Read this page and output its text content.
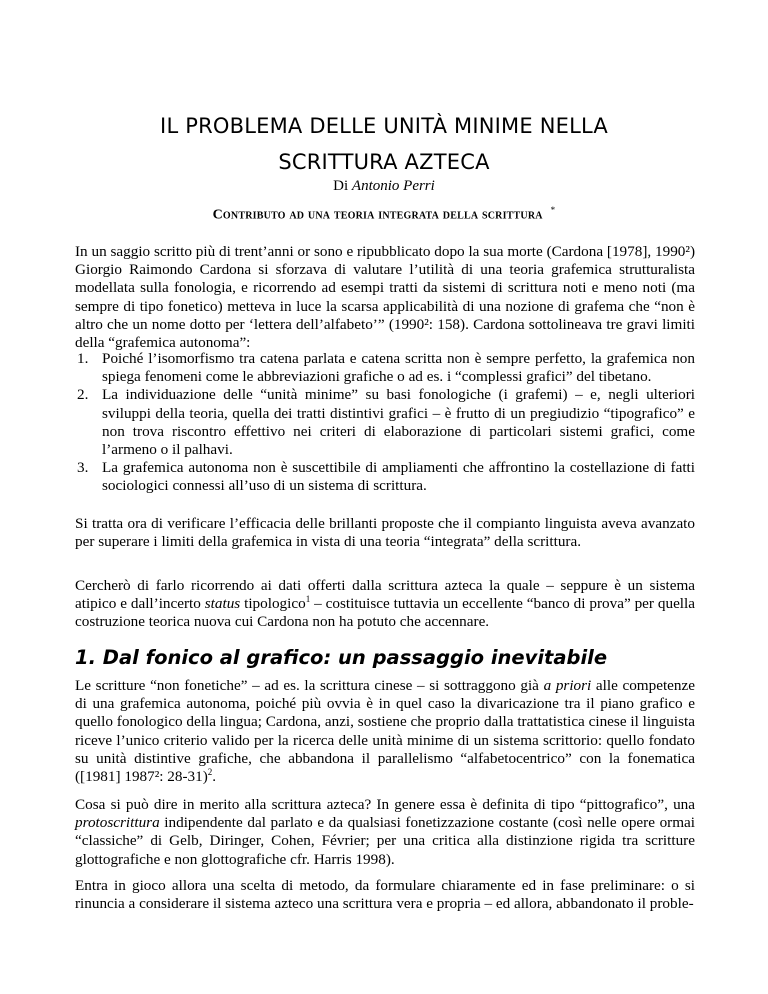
IL PROBLEMA DELLE UNITÀ MINIME NELLA
SCRITTURA AZTECA
Di Antonio Perri
Contributo ad una teoria integrata della scrittura *

In un saggio scritto più di trent’anni or sono e ripubblicato dopo la sua morte (Cardona [1978], 1990²) Giorgio Raimondo Cardona si sforzava di valutare l’utilità di una teoria grafemica strutturalista modellata sulla fonologia, e ricorrendo ad esempi tratti da sistemi di scrittura noti e meno noti (ma sempre di tipo fonetico) metteva in luce la scarsa applicabilità di una nozione di grafema che “non è altro che un nome dotto per ‘lettera dell’alfabeto’” (1990²: 158). Cardona sottolineava tre gravi limiti della “grafemica autonoma”:

1. Poiché l’isomorfismo tra catena parlata e catena scritta non è sempre perfetto, la grafemica non spiega fenomeni come le abbreviazioni grafiche o ad es. i “complessi grafici” del tibetano.
2. La individuazione delle “unità minime” su basi fonologiche (i grafemi) – e, negli ulteriori sviluppi della teoria, quella dei tratti distintivi grafici – è frutto di un pregiudizio “tipografico” e non trova riscontro effettivo nei criteri di elaborazione di particolari sistemi grafici, come l’armeno o il palhavi.
3. La grafemica autonoma non è suscettibile di ampliamenti che affrontino la costellazione di fatti sociologici connessi all’uso di un sistema di scrittura.

Si tratta ora di verificare l’efficacia delle brillanti proposte che il compianto linguista aveva avanzato per superare i limiti della grafemica in vista di una teoria “integrata” della scrittura.

Cercherò di farlo ricorrendo ai dati offerti dalla scrittura azteca la quale – seppure è un sistema atipico e dall’incerto status tipologico$^1$ – costituisce tuttavia un eccellente “banco di prova” per quella costruzione teorica nuova cui Cardona non ha potuto che accennare.

1. Dal fonico al grafico: un passaggio inevitabile

Le scritture “non fonetiche” – ad es. la scrittura cinese – si sottraggono già a priori alle competenze di una grafemica autonoma, poiché più ovvia è in quel caso la divaricazione tra il piano grafico e quello fonologico della lingua; Cardona, anzi, sostiene che proprio dalla trattatistica cinese il linguista riceve l’unico criterio valido per la ricerca delle unità minime di un sistema scrittorio: quello fondato su unità distintive grafiche, che abbandona il parallelismo “alfabetocentrico” con la fonematica ([1981] 1987²: 28-31)$^2$.

Cosa si può dire in merito alla scrittura azteca? In genere essa è definita di tipo “pittografico”, una protoscrittura indipendente dal parlato e da qualsiasi fonetizzazione costante (così nelle opere ormai “classiche” di Gelb, Diringer, Cohen, Février; per una critica alla distinzione rigida tra scritture glottografiche e non glottografiche cfr. Harris 1998).

Entra in gioco allora una scelta di metodo, da formulare chiaramente ed in fase preliminare: o si rinuncia a considerare il sistema azteco una scrittura vera e propria – ed allora, abbandonato il proble-
